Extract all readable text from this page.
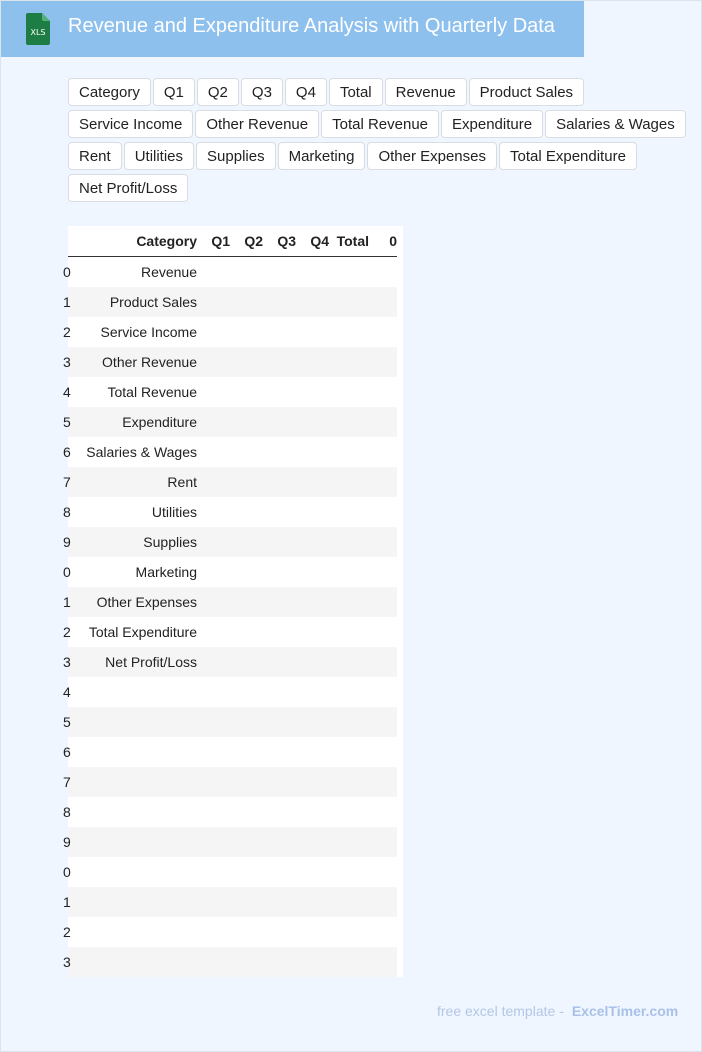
XLS Revenue and Expenditure Analysis with Quarterly Data
Category	Q1	Q2	Q3	Q4	Total	Revenue	Product Sales
Service Income	Other Revenue	Total Revenue	Expenditure	Salaries & Wages
Rent	Utilities	Supplies	Marketing	Other Expenses	Total Expenditure
Net Profit/Loss
	Category	Q1	Q2	Q3	Q4	Total	0
0	Revenue						
1	Product Sales						
2	Service Income						
3	Other Revenue						
4	Total Revenue						
5	Expenditure						
6	Salaries & Wages						
7	Rent						
8	Utilities						
9	Supplies						
0	Marketing						
1	Other Expenses						
2	Total Expenditure						
3	Net Profit/Loss						
4							
5							
6							
7							
8							
9							
0							
1							
2							
3							
free excel template - ExcelTimer.com
